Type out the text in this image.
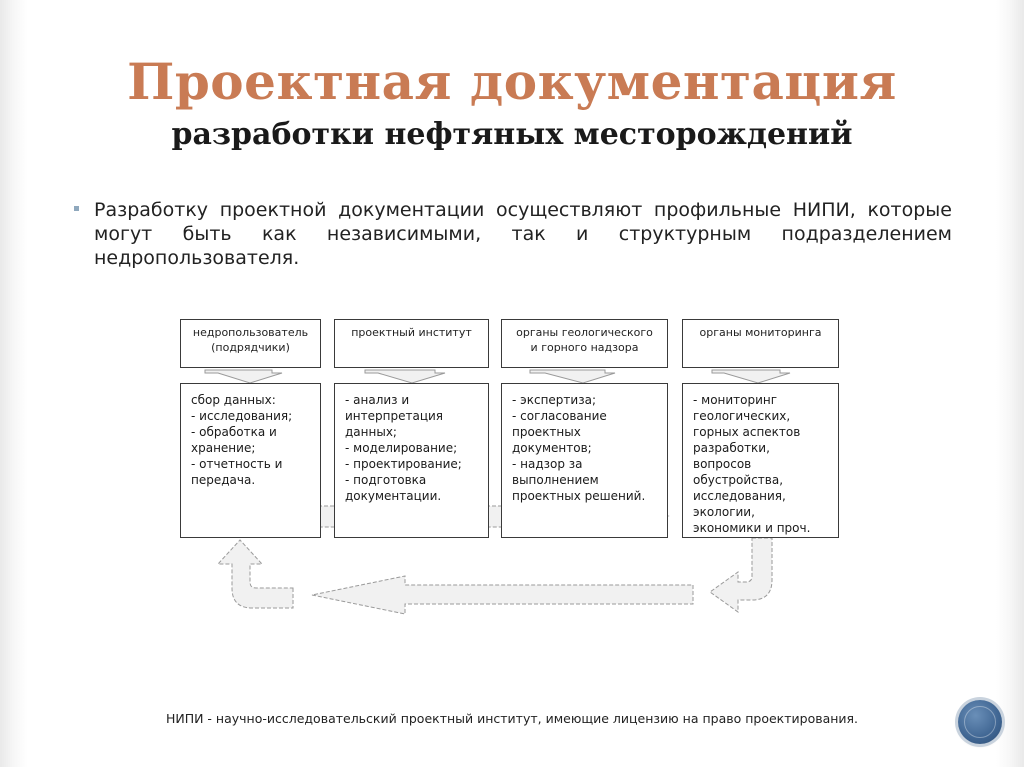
Проектная документация
разработки нефтяных месторождений

Разработку проектной документации осуществляют профильные НИПИ, которые могут быть как независимыми, так и структурным подразделением недропользователя.

недропользователь
(подрядчики)
проектный институт	органы геологического
и горного надзора
органы мониторинга
сбор данных:
- исследования;
- обработка и
хранение;
- отчетность и
передача.
- анализ и
интерпретация
данных;
- моделирование;
- проектирование;
- подготовка
документации.
- экспертиза;
- согласование
проектных
документов;
- надзор за
выполнением
проектных решений.
- мониторинг
геологических,
горных аспектов
разработки,
вопросов
обустройства,
исследования,
экологии,
экономики и проч.

НИПИ - научно-исследовательский проектный институт, имеющие лицензию на право проектирования.
